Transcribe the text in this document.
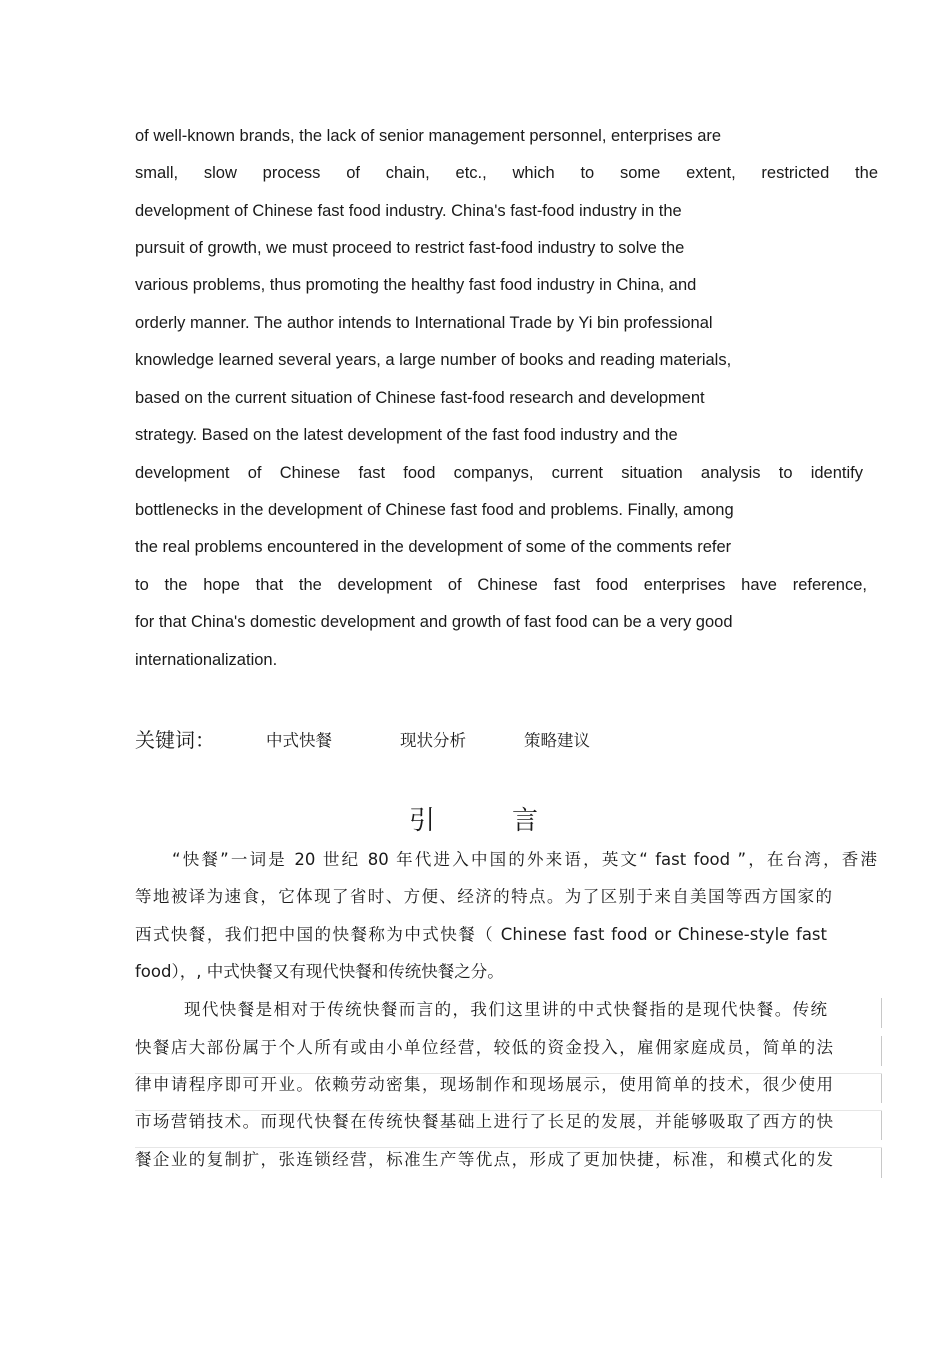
of well-known brands, the lack of senior management personnel, enterprises are
small, slow process of chain, etc., which to some extent, restricted the
development of Chinese fast food industry. China's fast-food industry in the
pursuit of growth, we must proceed to restrict fast-food industry to solve the
various problems, thus promoting the healthy fast food industry in China, and
orderly manner. The author intends to International Trade by Yi bin professional
knowledge learned several years, a large number of books and reading materials,
based on the current situation of Chinese fast-food research and development
strategy. Based on the latest development of the fast food industry and the
development of Chinese fast food companys, current situation analysis to identify
bottlenecks in the development of Chinese fast food and problems. Finally, among
the real problems encountered in the development of some of the comments refer
to the hope that the development of Chinese fast food enterprises have reference,
for that China's domestic development and growth of fast food can be a very good
internationalization.
关键词：	中式快餐	现状分析	策略建议
引	言
“快餐”一词是 20 世纪 80 年代进入中国的外来语，英文“ fast food ”，在台湾，香港
等地被译为速食，它体现了省时、方便、经济的特点。为了区别于来自美国等西方国家的
西式快餐，我们把中国的快餐称为中式快餐（ Chinese fast food or Chinese-style fast
food），, 中式快餐又有现代快餐和传统快餐之分。
现代快餐是相对于传统快餐而言的，我们这里讲的中式快餐指的是现代快餐。传统
快餐店大部份属于个人所有或由小单位经营，较低的资金投入，雇佣家庭成员，简单的法
律申请程序即可开业。依赖劳动密集，现场制作和现场展示，使用简单的技术，很少使用
市场营销技术。而现代快餐在传统快餐基础上进行了长足的发展，并能够吸取了西方的快
餐企业的复制扩，张连锁经营，标准生产等优点，形成了更加快捷，标准，和模式化的发
